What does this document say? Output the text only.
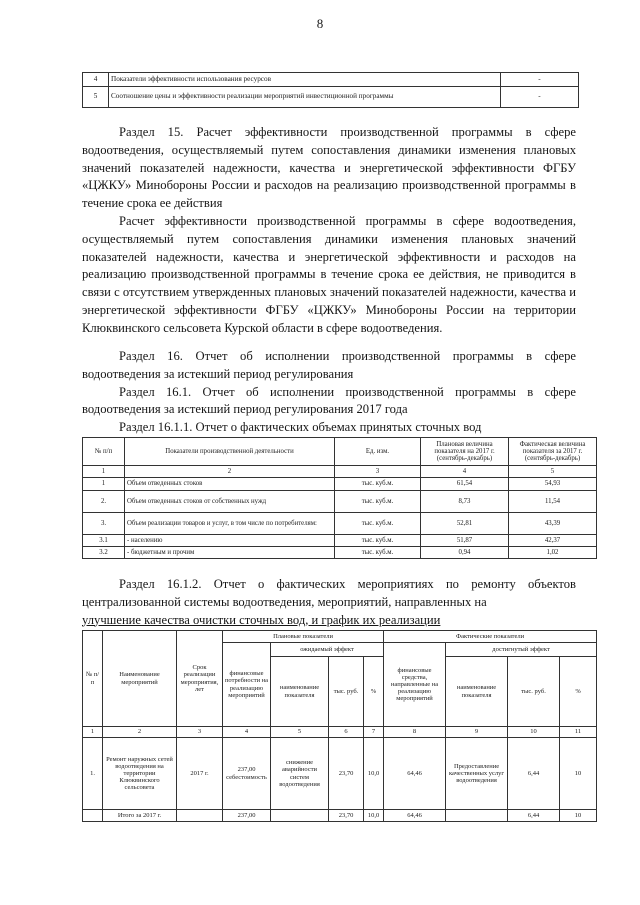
8
4	Показатели эффективности использования ресурсов	-
5	Соотношение цены и эффективности реализации мероприятий инвестиционной программы	-

Раздел 15. Расчет эффективности производственной программы в сфере водоотведения, осуществляемый путем сопоставления динамики изменения плановых значений показателей надежности, качества и энергетической эффективности ФГБУ «ЦЖКУ» Минобороны России и расходов на реализацию производственной программы в течение срока ее действия

Расчет эффективности производственной программы в сфере водоотведения, осуществляемый путем сопоставления динамики изменения плановых значений показателей надежности, качества и энергетической эффективности и расходов на реализацию производственной программы в течение срока ее действия, не приводится в связи с отсутствием утвержденных плановых значений показателей надежности, качества и энергетической эффективности ФГБУ «ЦЖКУ» Минобороны России на территории Клюквинского сельсовета Курской области в сфере водоотведения.

Раздел 16. Отчет об исполнении производственной программы в сфере водоотведения за истекший период регулирования

Раздел 16.1. Отчет об исполнении производственной программы в сфере водоотведения за истекший период регулирования 2017 года

Раздел 16.1.1. Отчет о фактических объемах принятых сточных вод

№ п/п	Показатели производственной деятельности	Ед. изм.	Плановая величина показателя на 2017 г. (сентябрь-декабрь)	Фактическая величина показателя за 2017 г. (сентябрь-декабрь)
1	2	3	4	5
1	Объем отведенных стоков	тыс. куб.м.	61,54	54,93
2.	Объем отведенных стоков от собственных нужд	тыс. куб.м.	8,73	11,54
3.	Объем реализации товаров и услуг, в том числе по потребителям:	тыс. куб.м.	52,81	43,39
3.1	- населению	тыс. куб.м.	51,87	42,37
3.2	- бюджетным и прочим	тыс. куб.м.	0,94	1,02

Раздел 16.1.2. Отчет о фактических мероприятиях по ремонту объектов централизованной системы водоотведения, мероприятий, направленных на

улучшение качества очистки сточных вод, и график их реализации
№ п/ п	Наименование мероприятий	Срок реализации мероприятия, лет	Плановые показатели				Фактические показатели			
			финансовые потребности на реализацию мероприятий	ожидаемый эффект			финансовые средства, направленные на реализацию мероприятий	достигнутый эффект		
				наименование показателя	тыс. руб.	%		наименование показателя	тыс. руб.	%
1	2	3	4	5	6	7	8	9	10	11
1.	Ремонт наружных сетей водоотведения на территории Клюквинского сельсовета	2017 г.	237,00 себестоимость	снижение аварийности систем водоотведения	23,70	10,0	64,46	Предоставление качественных услуг водоотведения	6,44	10
	Итого за 2017 г.		237,00		23,70	10,0	64,46		6,44	10
